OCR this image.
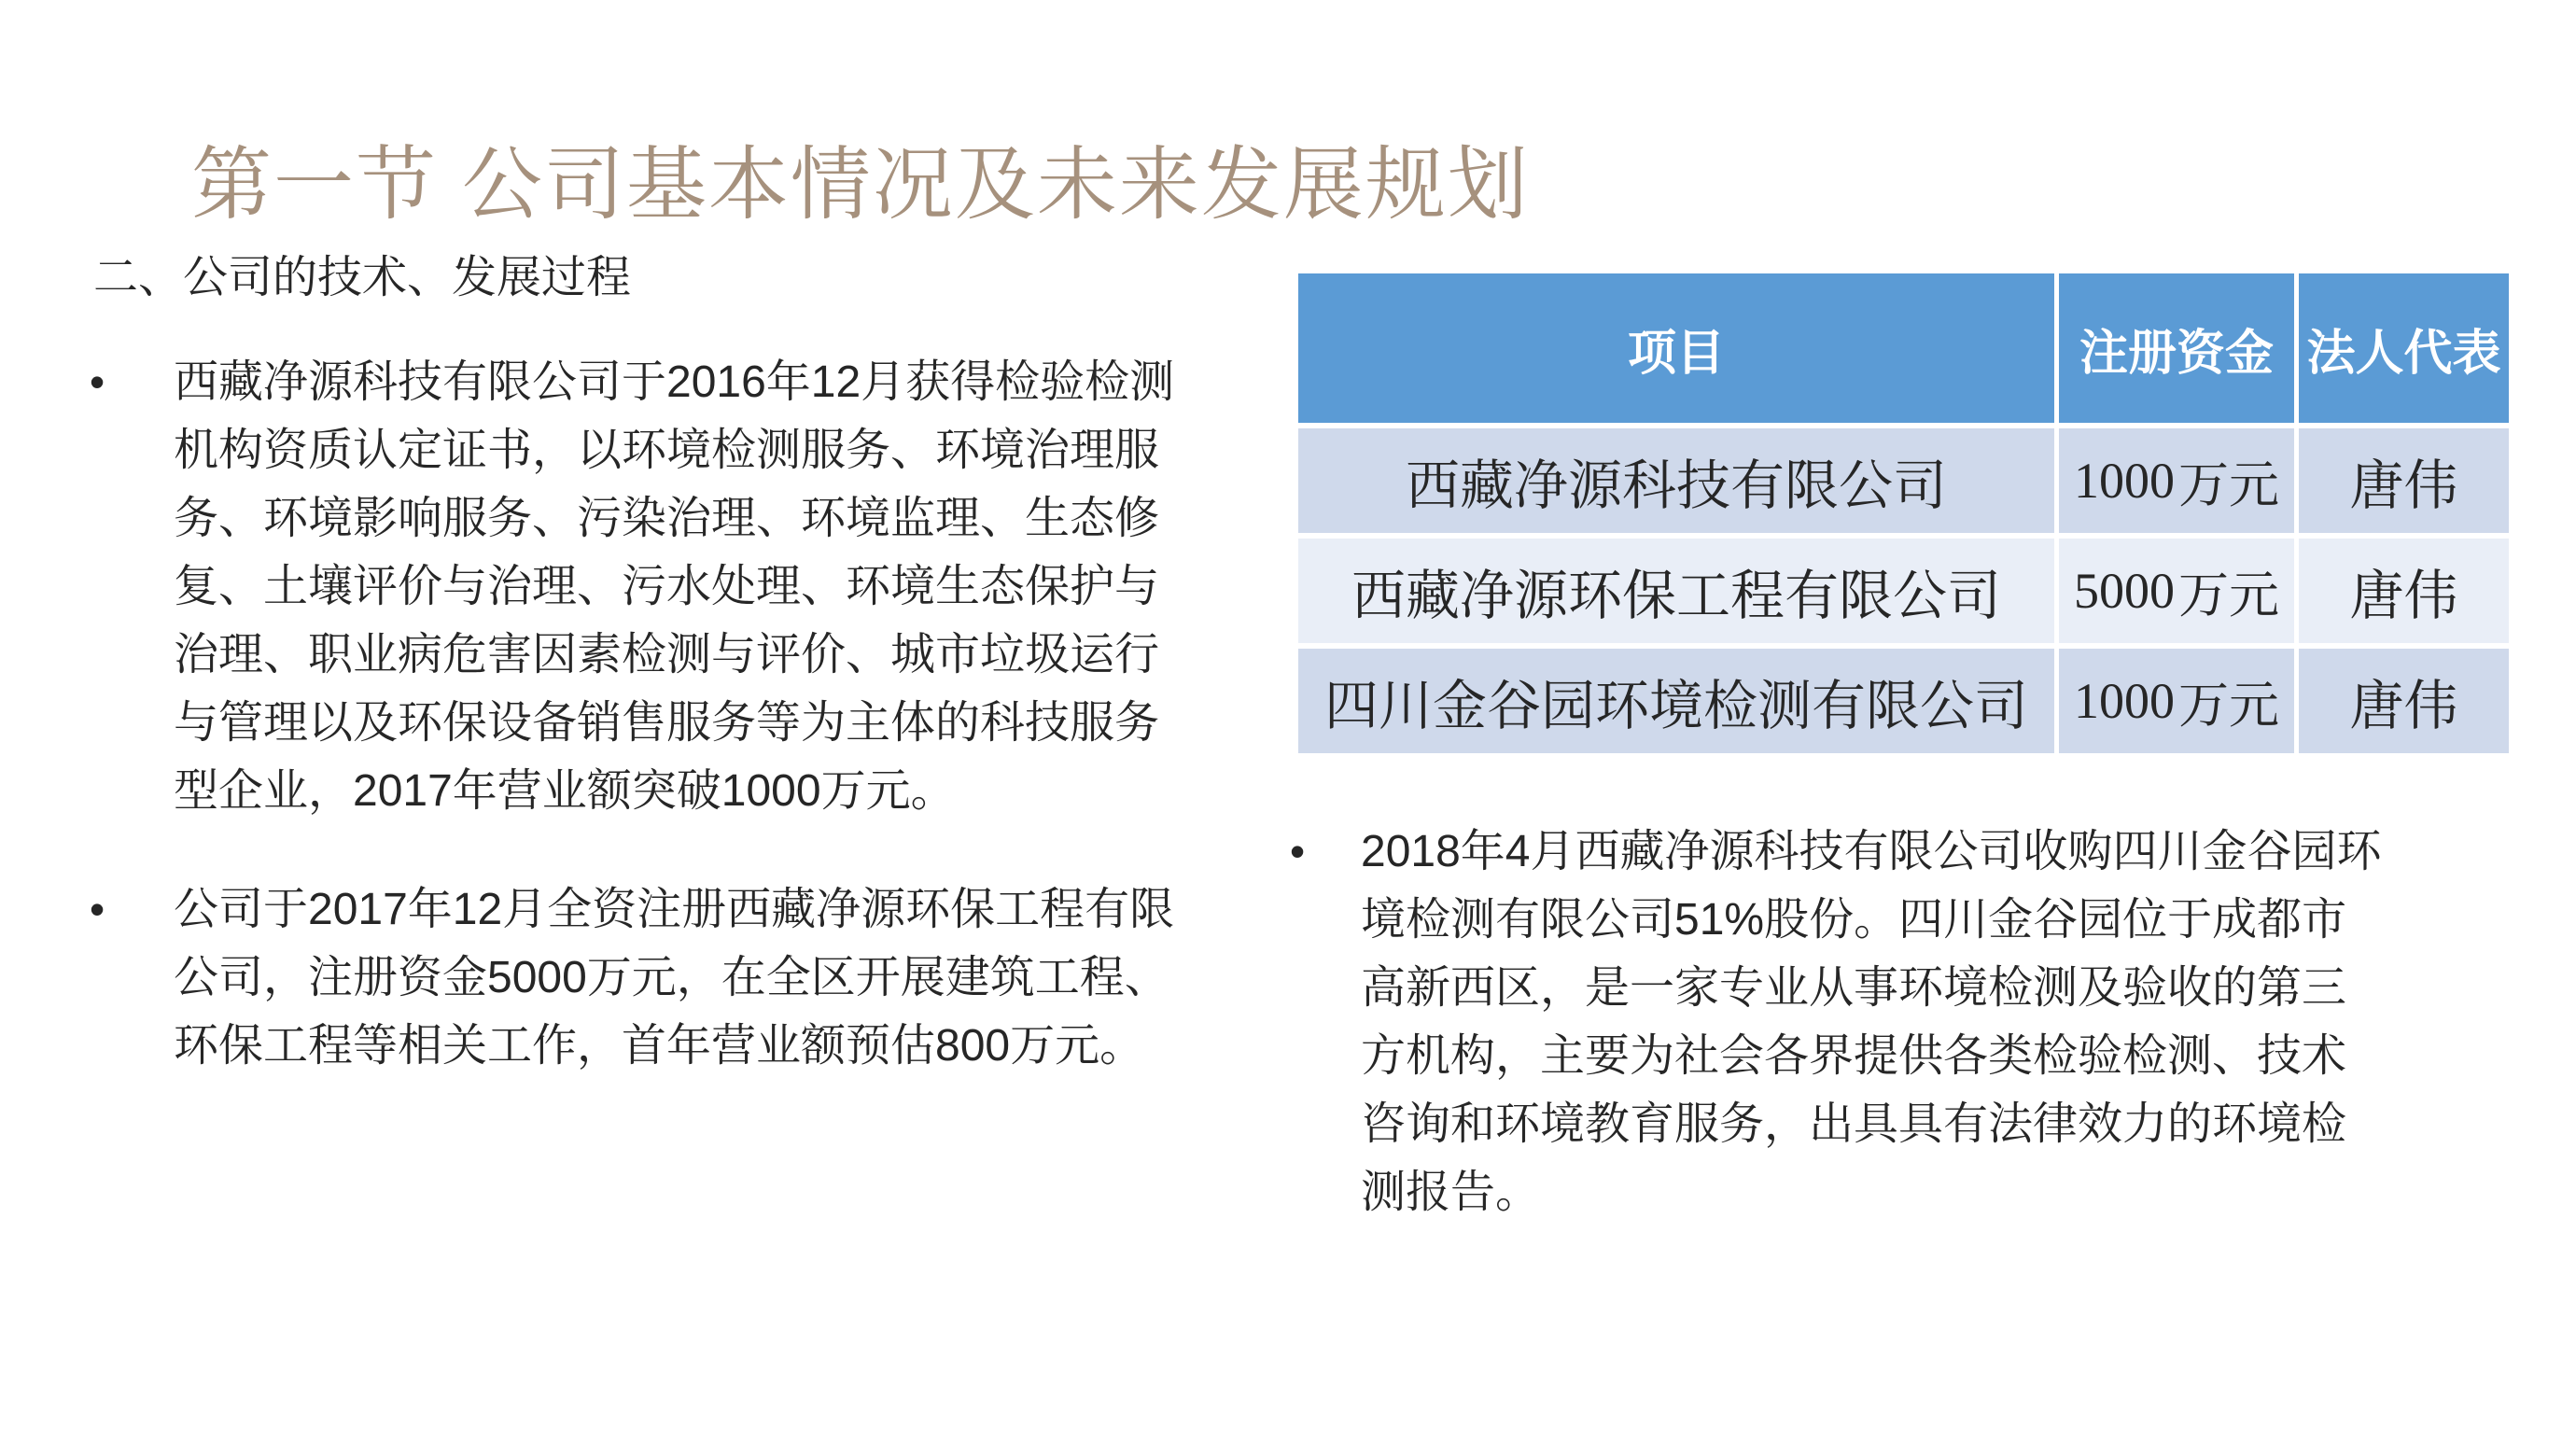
第一节 公司基本情况及未来发展规划
二、公司的技术、发展过程
• 西藏净源科技有限公司于2016年12月获得检验检测
机构资质认定证书，以环境检测服务、环境治理服
务、环境影响服务、污染治理、环境监理、生态修
复、土壤评价与治理、污水处理、环境生态保护与
治理、职业病危害因素检测与评价、城市垃圾运行
与管理以及环保设备销售服务等为主体的科技服务
型企业，2017年营业额突破1000万元。
• 公司于2017年12月全资注册西藏净源环保工程有限
公司，注册资金5000万元，在全区开展建筑工程、
环保工程等相关工作，首年营业额预估800万元。
• 2018年4月西藏净源科技有限公司收购四川金谷园环
境检测有限公司51%股份。四川金谷园位于成都市
高新西区，是一家专业从事环境检测及验收的第三
方机构，主要为社会各界提供各类检验检测、技术
咨询和环境教育服务，出具具有法律效力的环境检
测报告。
项目	注册资金 法人代表
西藏净源科技有限公司	1000 万元	唐伟
西藏净源环保工程有限公司	5000 万元	唐伟
四川金谷园环境检测有限公司 1000 万元	唐伟
